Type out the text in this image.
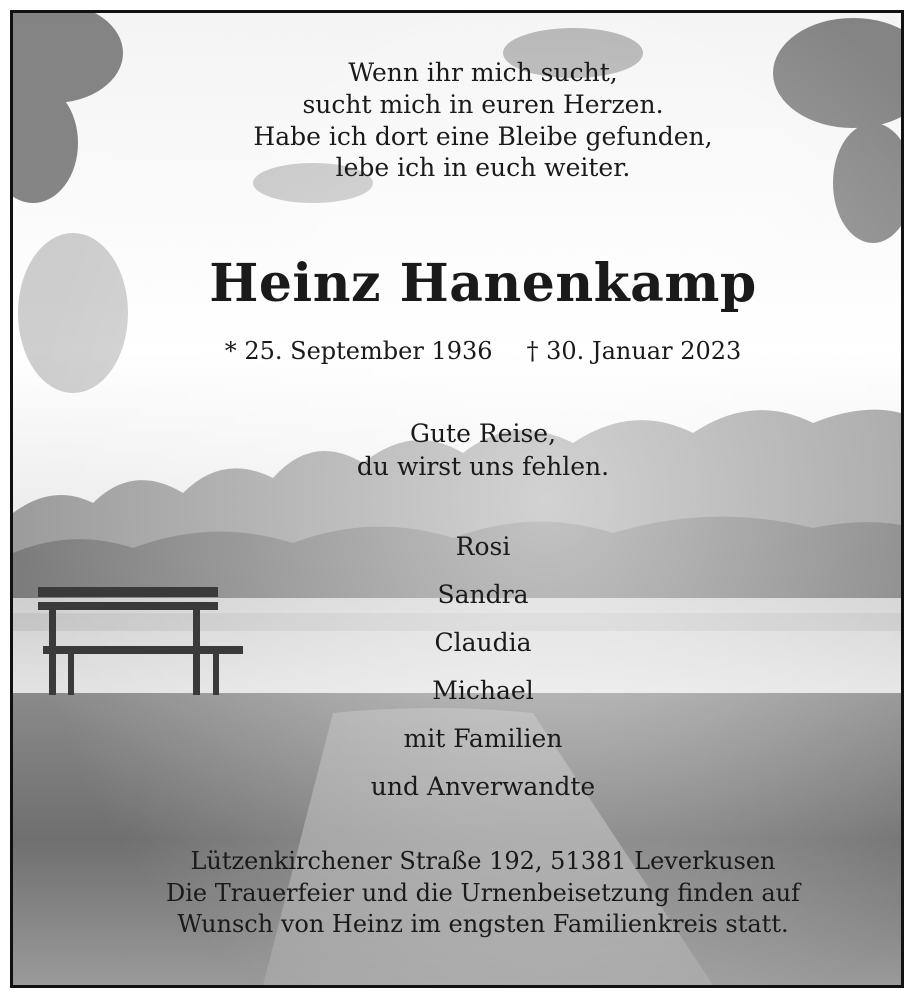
Wenn ihr mich sucht,
sucht mich in euren Herzen.
Habe ich dort eine Bleibe gefunden,
lebe ich in euch weiter.
Heinz Hanenkamp
* 25. September 1936 † 30. Januar 2023
Gute Reise,
du wirst uns fehlen.
Rosi
Sandra
Claudia
Michael
mit Familien
und Anverwandte
Lützenkirchener Straße 192, 51381 Leverkusen
Die Trauerfeier und die Urnenbeisetzung finden auf
Wunsch von Heinz im engsten Familienkreis statt.
